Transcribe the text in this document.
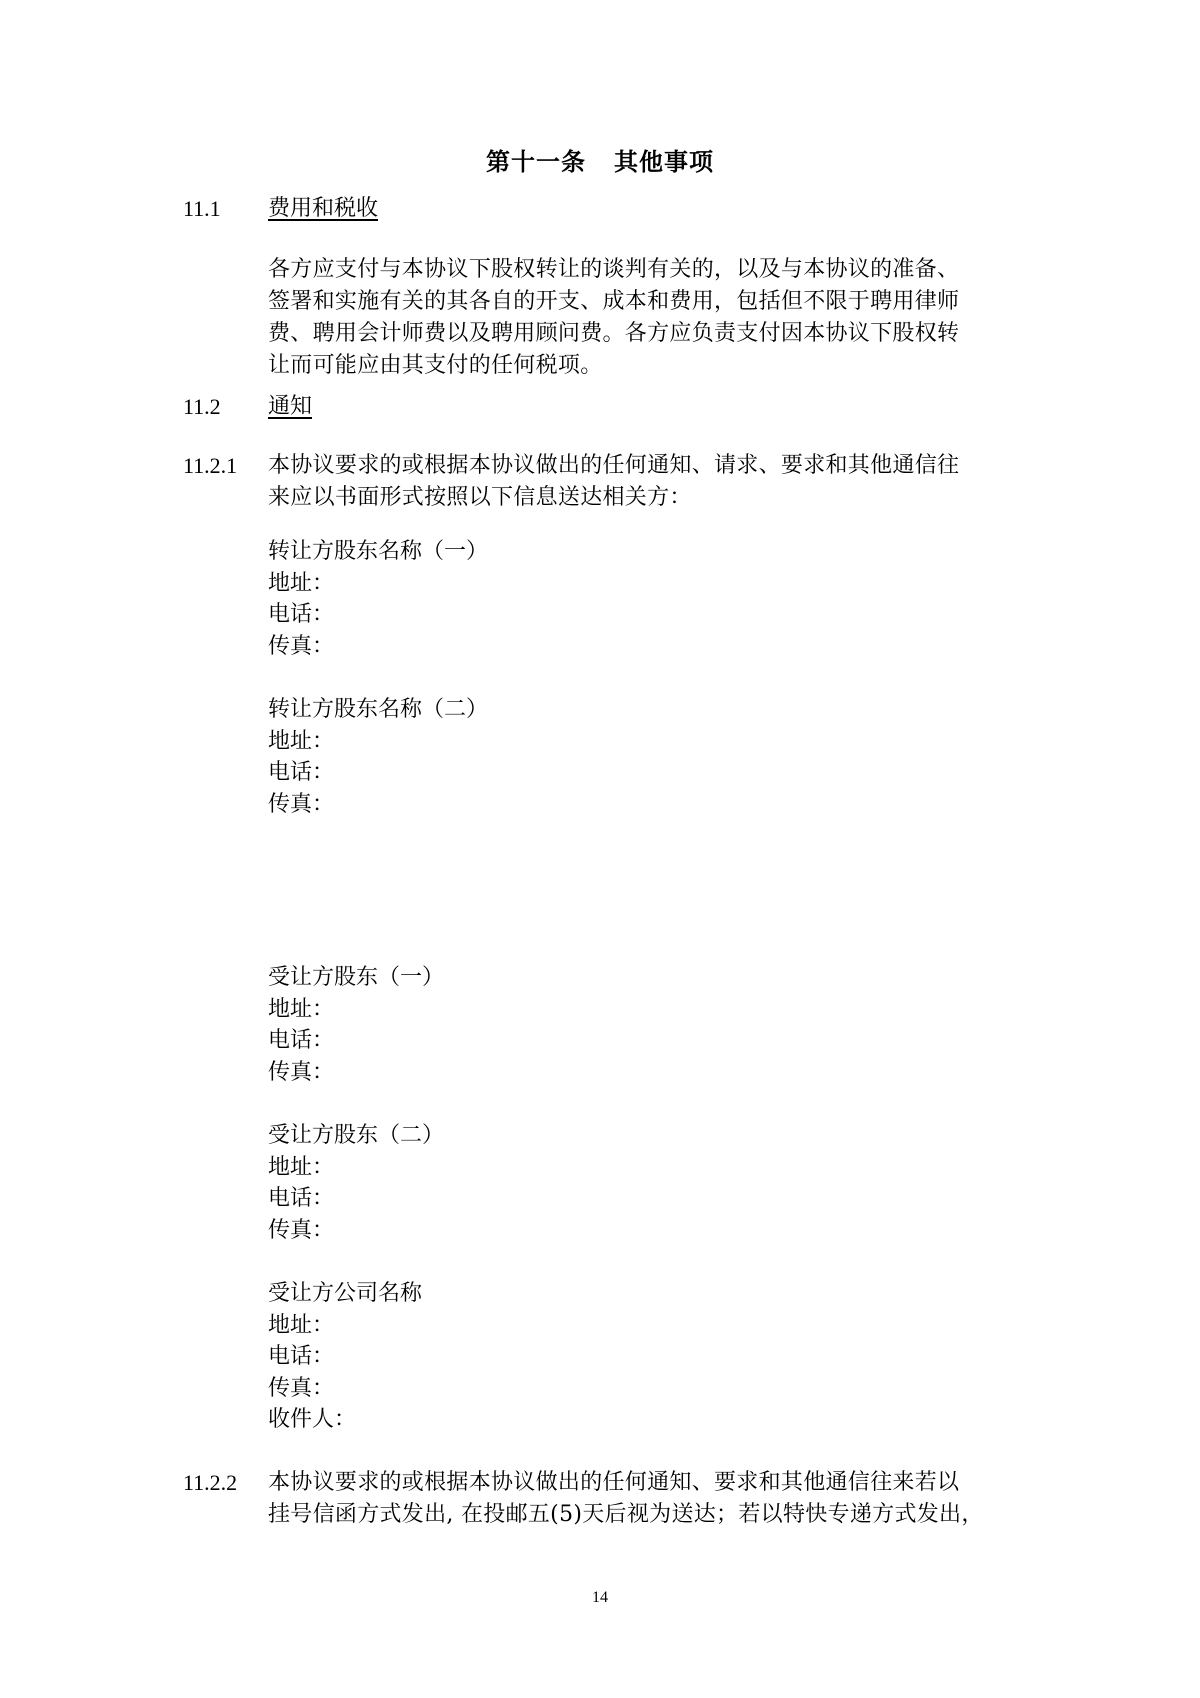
第十一条 其他事项
11.1 费用和税收
各方应支付与本协议下股权转让的谈判有关的，以及与本协议的准备、
签署和实施有关的其各自的开支、成本和费用，包括但不限于聘用律师
费、聘用会计师费以及聘用顾问费。各方应负责支付因本协议下股权转
让而可能应由其支付的任何税项。
11.2 通知
11.2.1 本协议要求的或根据本协议做出的任何通知、请求、要求和其他通信往
来应以书面形式按照以下信息送达相关方：
转让方股东名称（一）
地址：
电话：
传真：
转让方股东名称（二）
地址：
电话：
传真：
受让方股东（一）
地址：
电话：
传真：
受让方股东（二）
地址：
电话：
传真：
受让方公司名称
地址：
电话：
传真：
收件人：
11.2.2 本协议要求的或根据本协议做出的任何通知、要求和其他通信往来若以
挂号信函方式发出, 在投邮五(5)天后视为送达；若以特快专递方式发出，
14
